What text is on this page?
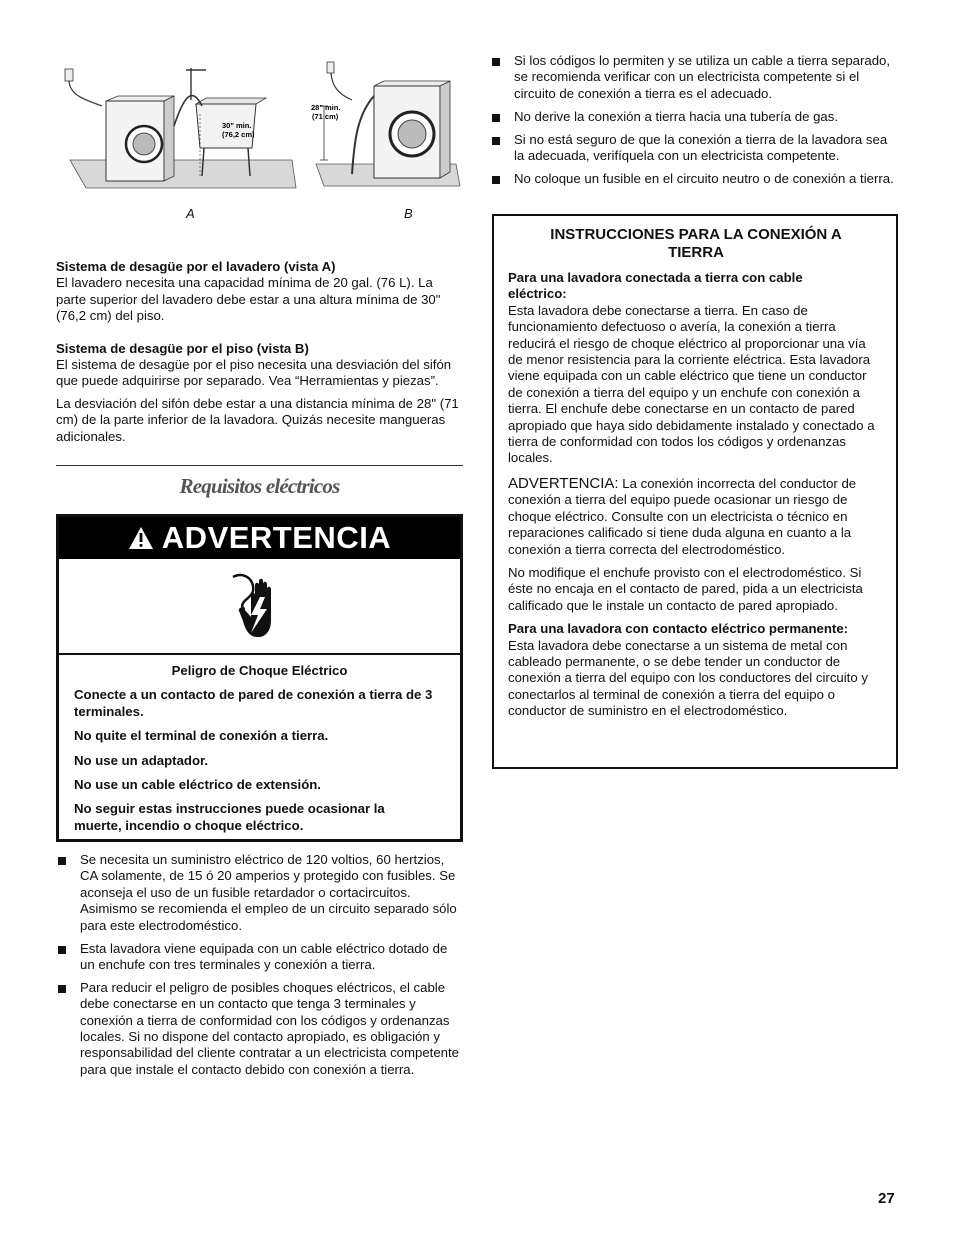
30" min.
(76,2 cm)
28" min.
(71 cm)
A	B

Sistema de desagüe por el lavadero (vista A)

El lavadero necesita una capacidad mínima de 20 gal. (76 L). La parte superior del lavadero debe estar a una altura mínima de 30" (76,2 cm) del piso.

Sistema de desagüe por el piso (vista B)

El sistema de desagüe por el piso necesita una desviación del sifón que puede adquirirse por separado. Vea “Herramientas y piezas”.

La desviación del sifón debe estar a una distancia mínima de 28" (71 cm) de la parte inferior de la lavadora. Quizás necesite mangueras adicionales.

Requisitos eléctricos
ADVERTENCIA

Peligro de Choque Eléctrico

Conecte a un contacto de pared de conexión a tierra de 3 terminales.

No quite el terminal de conexión a tierra.

No use un adaptador.

No use un cable eléctrico de extensión.

No seguir estas instrucciones puede ocasionar la muerte, incendio o choque eléctrico.

Se necesita un suministro eléctrico de 120 voltios, 60 hertzios, CA solamente, de 15 ó 20 amperios y protegido con fusibles. Se aconseja el uso de un fusible retardador o cortacircuitos. Asimismo se recomienda el empleo de un circuito separado sólo para este electrodoméstico.
Esta lavadora viene equipada con un cable eléctrico dotado de un enchufe con tres terminales y conexión a tierra.
Para reducir el peligro de posibles choques eléctricos, el cable debe conectarse en un contacto que tenga 3 terminales y conexión a tierra de conformidad con los códigos y ordenanzas locales. Si no dispone del contacto apropiado, es obligación y responsabilidad del cliente contratar a un electricista competente para que instale el contacto debido con conexión a tierra.
Si los códigos lo permiten y se utiliza un cable a tierra separado, se recomienda verificar con un electricista competente si el circuito de conexión a tierra es el adecuado.
No derive la conexión a tierra hacia una tubería de gas.
Si no está seguro de que la conexión a tierra de la lavadora sea la adecuada, verifíquela con un electricista competente.
No coloque un fusible en el circuito neutro o de conexión a tierra.
INSTRUCCIONES PARA LA CONEXIÓN A TIERRA

Para una lavadora conectada a tierra con cable eléctrico:

Esta lavadora debe conectarse a tierra. En caso de funcionamiento defectuoso o avería, la conexión a tierra reducirá el riesgo de choque eléctrico al proporcionar una vía de menor resistencia para la corriente eléctrica. Esta lavadora viene equipada con un cable eléctrico que tiene un conductor de conexión a tierra del equipo y un enchufe con conexión a tierra. El enchufe debe conectarse en un contacto de pared apropiado que haya sido debidamente instalado y conectado a tierra de conformidad con todos los códigos y ordenanzas locales.

ADVERTENCIA: La conexión incorrecta del conductor de conexión a tierra del equipo puede ocasionar un riesgo de choque eléctrico. Consulte con un electricista o técnico en reparaciones calificado si tiene duda alguna en cuanto a la conexión a tierra correcta del electrodoméstico.

No modifique el enchufe provisto con el electrodoméstico. Si éste no encaja en el contacto de pared, pida a un electricista calificado que le instale un contacto de pared apropiado.

Para una lavadora con contacto eléctrico permanente:

Esta lavadora debe conectarse a un sistema de metal con cableado permanente, o se debe tender un conductor de conexión a tierra del equipo con los conductores del circuito y conectarlos al terminal de conexión a tierra del equipo o conductor de suministro en el electrodoméstico.

27
